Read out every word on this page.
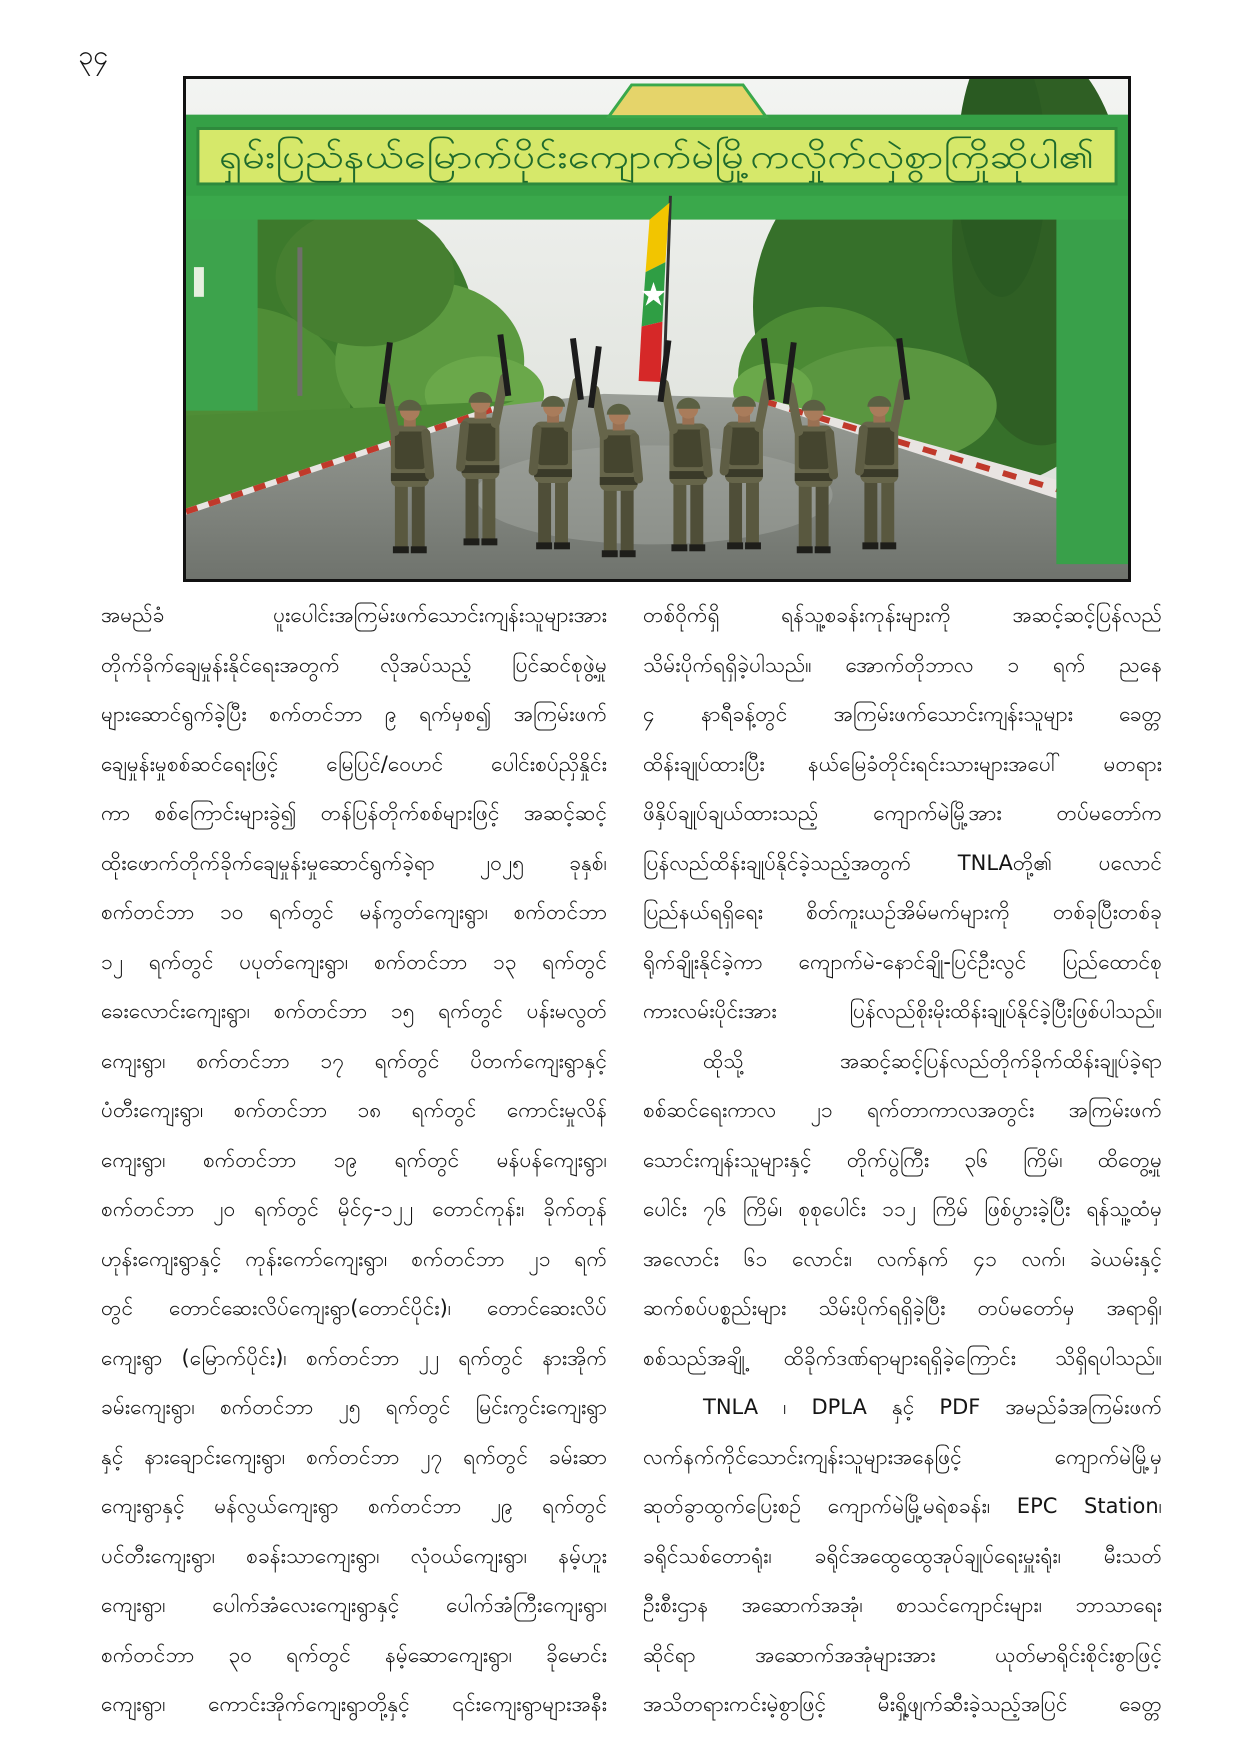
၃၄
ရှမ်းပြည်နယ်မြောက်ပိုင်းကျောက်မဲမြို့ကလှိုက်လှဲစွာကြိုဆိုပါ၏
အမည်ခံ ပူးပေါင်းအကြမ်းဖက်သောင်းကျန်းသူများအား
တိုက်ခိုက်ချေမှုန်းနိုင်ရေးအတွက် လိုအပ်သည့် ပြင်ဆင်စုဖွဲ့မှု
များဆောင်ရွက်ခဲ့ပြီး စက်တင်ဘာ ၉ ရက်မှစ၍ အကြမ်းဖက်
ချေမှုန်းမှုစစ်ဆင်ရေးဖြင့် မြေပြင်/ဝေဟင် ပေါင်းစပ်ညှိနှိုင်း
ကာ စစ်ကြောင်းများခွဲ၍ တန်ပြန်တိုက်စစ်များဖြင့် အဆင့်ဆင့်
ထိုးဖောက်တိုက်ခိုက်ချေမှုန်းမှုဆောင်ရွက်ခဲ့ရာ ၂၀၂၅ ခုနှစ်၊
စက်တင်ဘာ ၁၀ ရက်တွင် မန်ကွတ်ကျေးရွာ၊ စက်တင်ဘာ
၁၂ ရက်တွင် ပပုတ်ကျေးရွာ၊ စက်တင်ဘာ ၁၃ ရက်တွင်
ခေးလောင်းကျေးရွာ၊ စက်တင်ဘာ ၁၅ ရက်တွင် ပန်းမလွတ်
ကျေးရွာ၊ စက်တင်ဘာ ၁၇ ရက်တွင် ပိတက်ကျေးရွာနှင့်
ပံတီးကျေးရွာ၊ စက်တင်ဘာ ၁၈ ရက်တွင် ကောင်းမှုလိန်
ကျေးရွာ၊ စက်တင်ဘာ ၁၉ ရက်တွင် မန်ပန်ကျေးရွာ၊
စက်တင်ဘာ ၂၀ ရက်တွင် မိုင်၄-၁၂၂ တောင်ကုန်း၊ ခိုက်တုန်
ဟုန်းကျေးရွာနှင့် ကုန်းကော်ကျေးရွာ၊ စက်တင်ဘာ ၂၁ ရက်
တွင် တောင်ဆေးလိပ်ကျေးရွာ(တောင်ပိုင်း)၊ တောင်ဆေးလိပ်
ကျေးရွာ (မြောက်ပိုင်း)၊ စက်တင်ဘာ ၂၂ ရက်တွင် နားအိုက်
ခမ်းကျေးရွာ၊ စက်တင်ဘာ ၂၅ ရက်တွင် မြင်းကွင်းကျေးရွာ
နှင့် နားချောင်းကျေးရွာ၊ စက်တင်ဘာ ၂၇ ရက်တွင် ခမ်းဆာ
ကျေးရွာနှင့် မန်လွယ်ကျေးရွာ စက်တင်ဘာ ၂၉ ရက်တွင်
ပင်တီးကျေးရွာ၊ စခန်းသာကျေးရွာ၊ လုံဝယ်ကျေးရွာ၊ နမ့်ဟူး
ကျေးရွာ၊ ပေါက်အံလေးကျေးရွာနှင့် ပေါက်အံကြီးကျေးရွာ၊
စက်တင်ဘာ ၃၀ ရက်တွင် နမ့်ဆောကျေးရွာ၊ ခိုမောင်း
ကျေးရွာ၊ ကောင်းအိုက်ကျေးရွာတို့နှင့် ၎င်းကျေးရွာများအနီး
တစ်ဝိုက်ရှိ ရန်သူ့စခန်းကုန်းများကို အဆင့်ဆင့်ပြန်လည်
သိမ်းပိုက်ရရှိခဲ့ပါသည်။ အောက်တိုဘာလ ၁ ရက် ညနေ
၄ နာရီခန့်တွင် အကြမ်းဖက်သောင်းကျန်းသူများ ခေတ္တ
ထိန်းချုပ်ထားပြီး နယ်မြေခံတိုင်းရင်းသားများအပေါ် မတရား
ဖိနှိပ်ချုပ်ချယ်ထားသည့် ကျောက်မဲမြို့အား တပ်မတော်က
ပြန်လည်ထိန်းချုပ်နိုင်ခဲ့သည့်အတွက် TNLAတို့၏ ပလောင်
ပြည်နယ်ရရှိရေး စိတ်ကူးယဉ်အိမ်မက်များကို တစ်ခုပြီးတစ်ခု
ရိုက်ချိုးနိုင်ခဲ့ကာ ကျောက်မဲ-နောင်ချို-ပြင်ဦးလွင် ပြည်ထောင်စု
ကားလမ်းပိုင်းအား ပြန်လည်စိုးမိုးထိန်းချုပ်နိုင်ခဲ့ပြီးဖြစ်ပါသည်။
ထိုသို့ အဆင့်ဆင့်ပြန်လည်တိုက်ခိုက်ထိန်းချုပ်ခဲ့ရာ
စစ်ဆင်ရေးကာလ ၂၁ ရက်တာကာလအတွင်း အကြမ်းဖက်
သောင်းကျန်းသူများနှင့် တိုက်ပွဲကြီး ၃၆ ကြိမ်၊ ထိတွေ့မှု
ပေါင်း ၇၆ ကြိမ်၊ စုစုပေါင်း ၁၁၂ ကြိမ် ဖြစ်ပွားခဲ့ပြီး ရန်သူ့ထံမှ
အလောင်း ၆၁ လောင်း၊ လက်နက် ၄၁ လက်၊ ခဲယမ်းနှင့်
ဆက်စပ်ပစ္စည်းများ သိမ်းပိုက်ရရှိခဲ့ပြီး တပ်မတော်မှ အရာရှိ၊
စစ်သည်အချို့ ထိခိုက်ဒဏ်ရာများရရှိခဲ့ကြောင်း သိရှိရပါသည်။
TNLA ၊ DPLA နှင့် PDF အမည်ခံအကြမ်းဖက်
လက်နက်ကိုင်သောင်းကျန်းသူများအနေဖြင့် ကျောက်မဲမြို့မှ
ဆုတ်ခွာထွက်ပြေးစဉ် ကျောက်မဲမြို့မရဲစခန်း၊ EPC Station၊
ခရိုင်သစ်တောရုံး၊ ခရိုင်အထွေထွေအုပ်ချုပ်ရေးမှူးရုံး၊ မီးသတ်
ဦးစီးဌာန အဆောက်အအုံ၊ စာသင်ကျောင်းများ၊ ဘာသာရေး
ဆိုင်ရာ အဆောက်အအုံများအား ယုတ်မာရိုင်းစိုင်းစွာဖြင့်
အသိတရားကင်းမဲ့စွာဖြင့် မီးရှို့ဖျက်ဆီးခဲ့သည့်အပြင် ခေတ္တ
